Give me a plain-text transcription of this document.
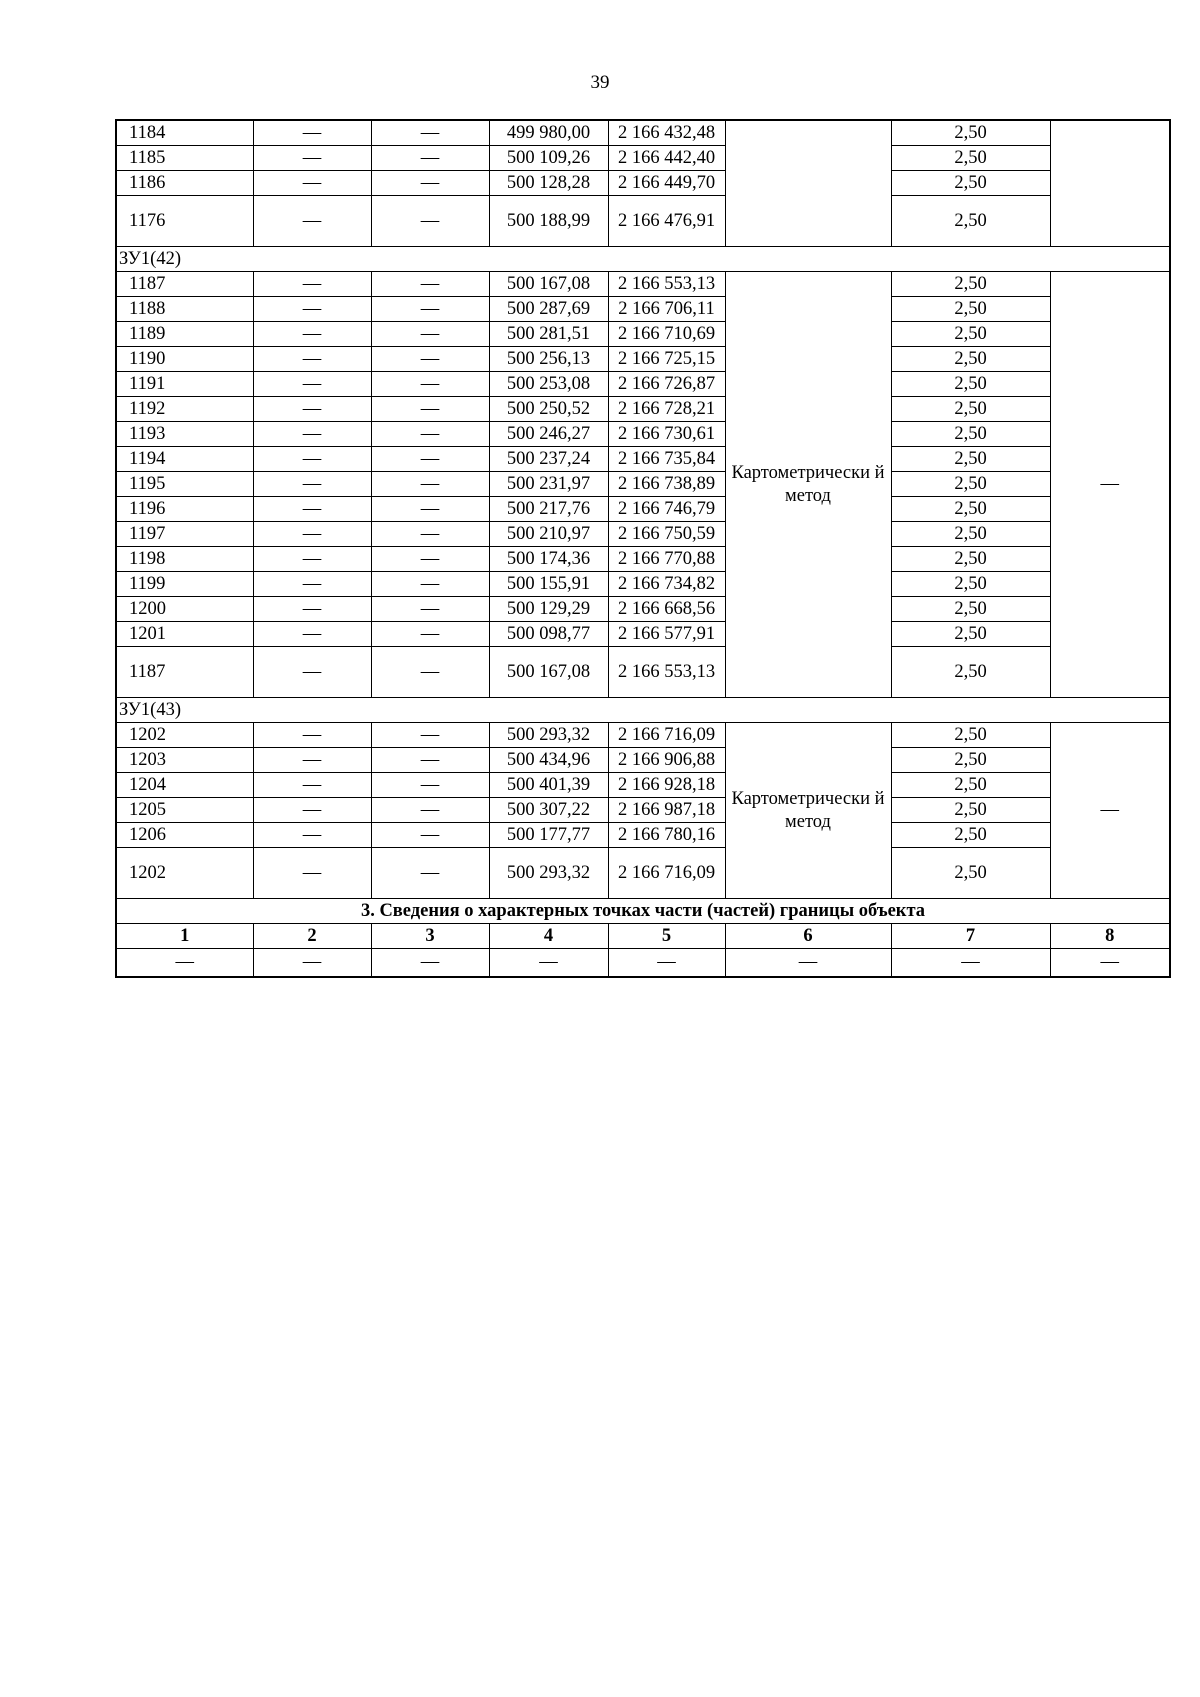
39
1184	—	—	499 980,00	2 166 432,48		2,50	
1185	—	—	500 109,26	2 166 442,40		2,50	
1186	—	—	500 128,28	2 166 449,70		2,50	
1176	—	—	500 188,99	2 166 476,91		2,50	
ЗУ1(42)							
1187	—	—	500 167,08	2 166 553,13	Картометрически й метод	2,50	—
1188	—	—	500 287,69	2 166 706,11		2,50	
1189	—	—	500 281,51	2 166 710,69		2,50	
1190	—	—	500 256,13	2 166 725,15		2,50	
1191	—	—	500 253,08	2 166 726,87		2,50	
1192	—	—	500 250,52	2 166 728,21		2,50	
1193	—	—	500 246,27	2 166 730,61		2,50	
1194	—	—	500 237,24	2 166 735,84		2,50	
1195	—	—	500 231,97	2 166 738,89		2,50	
1196	—	—	500 217,76	2 166 746,79		2,50	
1197	—	—	500 210,97	2 166 750,59		2,50	
1198	—	—	500 174,36	2 166 770,88		2,50	
1199	—	—	500 155,91	2 166 734,82		2,50	
1200	—	—	500 129,29	2 166 668,56		2,50	
1201	—	—	500 098,77	2 166 577,91		2,50	
1187	—	—	500 167,08	2 166 553,13		2,50	
ЗУ1(43)							
1202	—	—	500 293,32	2 166 716,09	Картометрически й метод	2,50	—
1203	—	—	500 434,96	2 166 906,88		2,50	
1204	—	—	500 401,39	2 166 928,18		2,50	
1205	—	—	500 307,22	2 166 987,18		2,50	
1206	—	—	500 177,77	2 166 780,16		2,50	
1202	—	—	500 293,32	2 166 716,09		2,50	
3. Сведения о характерных точках части (частей) границы объекта							
1	2	3	4	5	6	7	8
—	—	—	—	—	—	—	—
